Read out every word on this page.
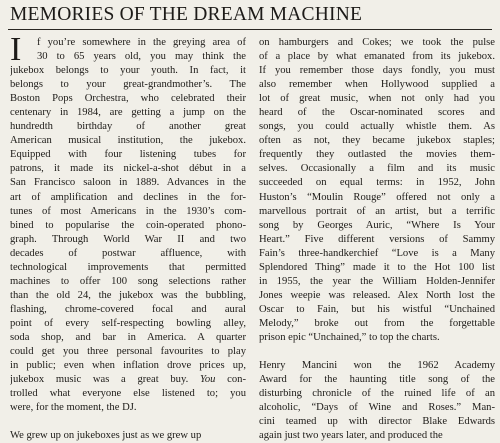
MEMORIES OF THE DREAM MACHINE
I	f you’re somewhere in the greying area of
30 to 65 years old, you may think the
jukebox belongs to your youth. In fact, it
belongs to your great-grandmother’s. The
Boston Pops Orchestra, who celebrated their
centenary in 1984, are getting a jump on the
hundredth birthday of another great
American musical institution, the jukebox.
Equipped with four listening tubes for
patrons, it made its nickel-a-shot début in a
San Francisco saloon in 1889. Advances in the
art of amplification and declines in the for-
tunes of most Americans in the 1930’s com-
bined to popularise the coin-operated phono-
graph. Through World War II and two
decades of postwar affluence, with
technological improvements that permitted
machines to offer 100 song selections rather
than the old 24, the jukebox was the bubbling,
flashing, chrome-covered focal and aural
point of every self-respecting bowling alley,
soda shop, and bar in America. A quarter
could get you three personal favourites to play
in public; even when inflation drove prices up,
jukebox music was a great buy. You con-
trolled what everyone else listened to; you
were, for the moment, the DJ.
We grew up on jukeboxes just as we grew up
on hamburgers and Cokes; we took the pulse
of a place by what emanated from its jukebox.
If you remember those days fondly, you must
also remember when Hollywood supplied a
lot of great music, when not only had you
heard of the Oscar-nominated scores and
songs, you could actually whistle them. As
often as not, they became jukebox staples;
frequently they outlasted the movies them-
selves. Occasionally a film and its music
succeeded on equal terms: in 1952, John
Huston’s “Moulin Rouge” offered not only a
marvellous portrait of an artist, but a terrific
song by Georges Auric, “Where Is Your
Heart.” Five different versions of Sammy
Fain’s three-handkerchief “Love is a Many
Splendored Thing” made it to the Hot 100 list
in 1955, the year the William Holden-Jennifer
Jones weepie was released. Alex North lost the
Oscar to Fain, but his wistful “Unchained
Melody,” broke out from the forgettable
prison epic “Unchained,” to top the charts.
Henry Mancini won the 1962 Academy
Award for the haunting title song of the
disturbing chronicle of the ruined life of an
alcoholic, “Days of Wine and Roses.” Man-
cini teamed up with director Blake Edwards
again just two years later, and produced the
